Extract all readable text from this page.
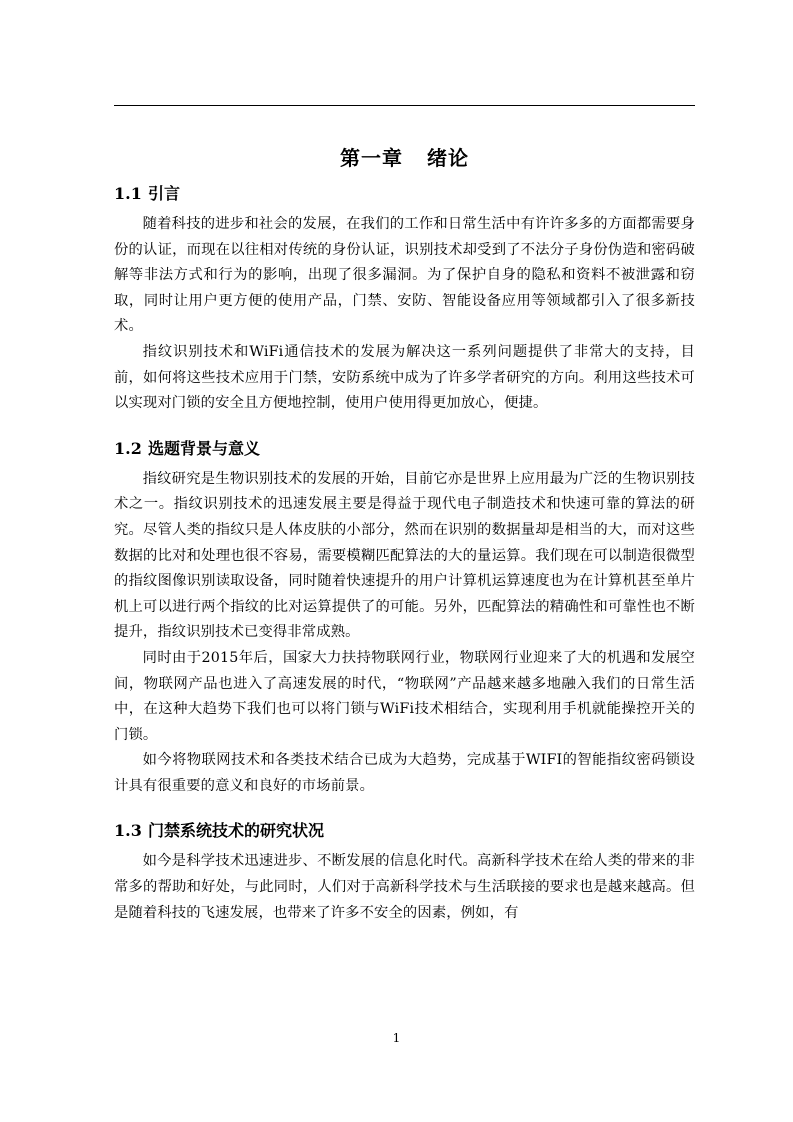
第一章 绪论
1.1 引言

随着科技的进步和社会的发展，在我们的工作和日常生活中有许许多多的方面都需要身份的认证，而现在以往相对传统的身份认证，识别技术却受到了不法分子身份伪造和密码破解等非法方式和行为的影响，出现了很多漏洞。为了保护自身的隐私和资料不被泄露和窃取，同时让用户更方便的使用产品，门禁、安防、智能设备应用等领域都引入了很多新技术。

指纹识别技术和WiFi通信技术的发展为解决这一系列问题提供了非常大的支持，目前，如何将这些技术应用于门禁，安防系统中成为了许多学者研究的方向。利用这些技术可以实现对门锁的安全且方便地控制，使用户使用得更加放心，便捷。

1.2 选题背景与意义

指纹研究是生物识别技术的发展的开始，目前它亦是世界上应用最为广泛的生物识别技术之一。指纹识别技术的迅速发展主要是得益于现代电子制造技术和快速可靠的算法的研究。尽管人类的指纹只是人体皮肤的小部分，然而在识别的数据量却是相当的大，而对这些数据的比对和处理也很不容易，需要模糊匹配算法的大的量运算。我们现在可以制造很微型的指纹图像识别读取设备，同时随着快速提升的用户计算机运算速度也为在计算机甚至单片机上可以进行两个指纹的比对运算提供了的可能。另外，匹配算法的精确性和可靠性也不断提升，指纹识别技术已变得非常成熟。

同时由于2015年后，国家大力扶持物联网行业，物联网行业迎来了大的机遇和发展空间，物联网产品也进入了高速发展的时代，“物联网”产品越来越多地融入我们的日常生活中，在这种大趋势下我们也可以将门锁与WiFi技术相结合，实现利用手机就能操控开关的门锁。

如今将物联网技术和各类技术结合已成为大趋势，完成基于WIFI的智能指纹密码锁设计具有很重要的意义和良好的市场前景。

1.3 门禁系统技术的研究状况

如今是科学技术迅速进步、不断发展的信息化时代。高新科学技术在给人类的带来的非常多的帮助和好处，与此同时，人们对于高新科学技术与生活联接的要求也是越来越高。但是随着科技的飞速发展，也带来了许多不安全的因素，例如，有

1
